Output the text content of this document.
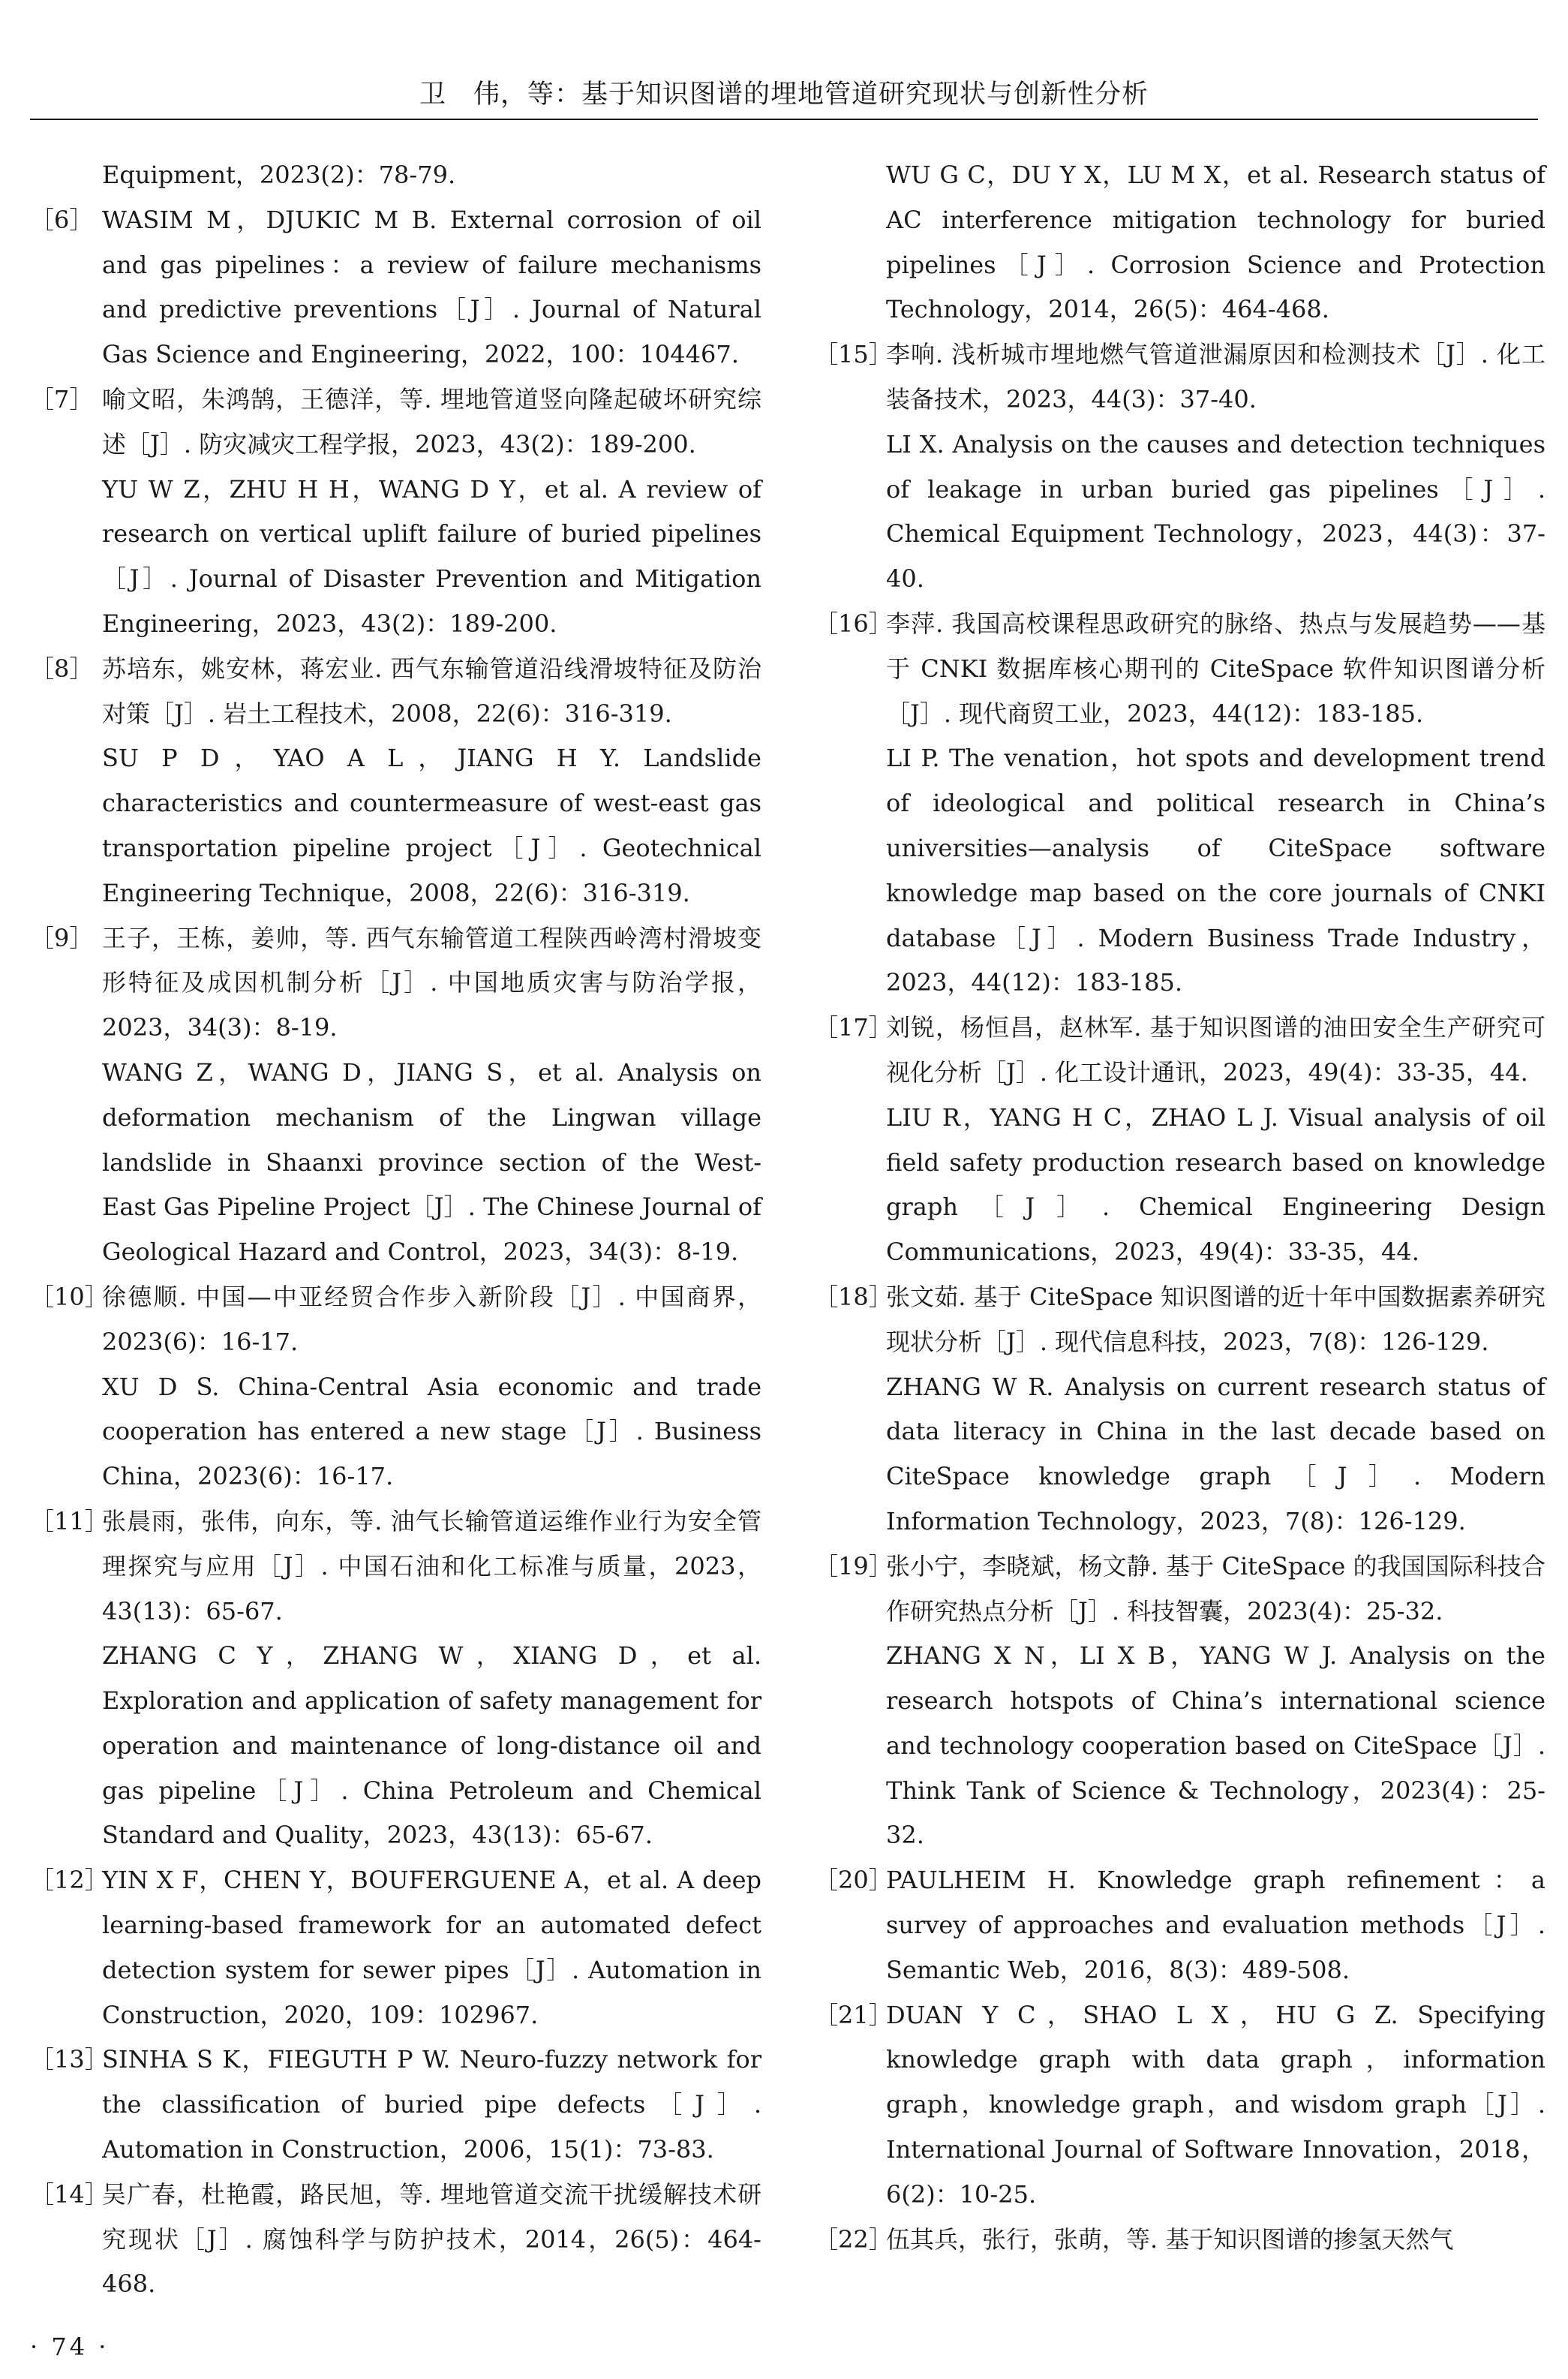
卫　伟，等：基于知识图谱的埋地管道研究现状与创新性分析
Equipment，2023(2)：78-79.
［6］ WASIM M，DJUKIC M B. External corrosion of oil and gas pipelines：a review of failure mechanisms and predictive preventions［J］. Journal of Natural Gas Science and Engineering，2022，100：104467.
［7］ 喻文昭，朱鸿鹄，王德洋，等. 埋地管道竖向隆起破坏研究综述［J］. 防灾减灾工程学报，2023，43(2)：189-200.
YU W Z，ZHU H H，WANG D Y，et al. A review of research on vertical uplift failure of buried pipelines［J］. Journal of Disaster Prevention and Mitigation Engineering，2023，43(2)：189-200.
［8］ 苏培东，姚安林，蒋宏业. 西气东输管道沿线滑坡特征及防治对策［J］. 岩土工程技术，2008，22(6)：316-319.
SU P D，YAO A L，JIANG H Y. Landslide characteristics and countermeasure of west-east gas transportation pipeline project［J］. Geotechnical Engineering Technique，2008，22(6)：316-319.
［9］ 王子，王栋，姜帅，等. 西气东输管道工程陕西岭湾村滑坡变形特征及成因机制分析［J］. 中国地质灾害与防治学报，2023，34(3)：8-19.
WANG Z，WANG D，JIANG S，et al. Analysis on deformation mechanism of the Lingwan village landslide in Shaanxi province section of the West-East Gas Pipeline Project［J］. The Chinese Journal of Geological Hazard and Control，2023，34(3)：8-19.
［10］
徐德顺. 中国—中亚经贸合作步入新阶段［J］. 中国商界，2023(6)：16-17.
XU D S. China-Central Asia economic and trade cooperation has entered a new stage［J］. Business China，2023(6)：16-17.
［11］
张晨雨，张伟，向东，等. 油气长输管道运维作业行为安全管理探究与应用［J］. 中国石油和化工标准与质量，2023，43(13)：65-67.
ZHANG C Y，ZHANG W，XIANG D，et al. Exploration and application of safety management for operation and maintenance of long-distance oil and gas pipeline［J］. China Petroleum and Chemical Standard and Quality，2023，43(13)：65-67.
［12］
YIN X F，CHEN Y，BOUFERGUENE A，et al. A deep learning-based framework for an automated defect detection system for sewer pipes［J］. Automation in Construction，2020，109：102967.
［13］
SINHA S K，FIEGUTH P W. Neuro-fuzzy network for the classification of buried pipe defects［J］. Automation in Construction，2006，15(1)：73-83.
［14］
吴广春，杜艳霞，路民旭，等. 埋地管道交流干扰缓解技术研究现状［J］. 腐蚀科学与防护技术，2014，26(5)：464-468.
WU G C，DU Y X，LU M X，et al. Research status of AC interference mitigation technology for buried pipelines［J］. Corrosion Science and Protection Technology，2014，26(5)：464-468.
［15］
李响. 浅析城市埋地燃气管道泄漏原因和检测技术［J］. 化工装备技术，2023，44(3)：37-40.
LI X. Analysis on the causes and detection techniques of leakage in urban buried gas pipelines［J］. Chemical Equipment Technology，2023，44(3)：37-40.
［16］
李萍. 我国高校课程思政研究的脉络、热点与发展趋势——基于 CNKI 数据库核心期刊的 CiteSpace 软件知识图谱分析［J］. 现代商贸工业，2023，44(12)：183-185.
LI P. The venation，hot spots and development trend of ideological and political research in China’s universities—analysis of CiteSpace software knowledge map based on the core journals of CNKI database［J］. Modern Business Trade Industry，2023，44(12)：183-185.
［17］
刘锐，杨恒昌，赵林军. 基于知识图谱的油田安全生产研究可视化分析［J］. 化工设计通讯，2023，49(4)：33-35，44.
LIU R，YANG H C，ZHAO L J. Visual analysis of oil field safety production research based on knowledge graph［J］. Chemical Engineering Design Communications，2023，49(4)：33-35，44.
［18］
张文茹. 基于 CiteSpace 知识图谱的近十年中国数据素养研究现状分析［J］. 现代信息科技，2023，7(8)：126-129.
ZHANG W R. Analysis on current research status of data literacy in China in the last decade based on CiteSpace knowledge graph［J］. Modern Information Technology，2023，7(8)：126-129.
［19］
张小宁，李晓斌，杨文静. 基于 CiteSpace 的我国国际科技合作研究热点分析［J］. 科技智囊，2023(4)：25-32.
ZHANG X N，LI X B，YANG W J. Analysis on the research hotspots of China’s international science and technology cooperation based on CiteSpace［J］. Think Tank of Science & Technology，2023(4)：25-32.
［20］
PAULHEIM H. Knowledge graph refinement：a survey of approaches and evaluation methods［J］. Semantic Web，2016，8(3)：489-508.
［21］
DUAN Y C，SHAO L X，HU G Z. Specifying knowledge graph with data graph，information graph，knowledge graph，and wisdom graph［J］. International Journal of Software Innovation，2018，6(2)：10-25.
［22］
伍其兵，张行，张萌，等. 基于知识图谱的掺氢天然气
· 74 ·
